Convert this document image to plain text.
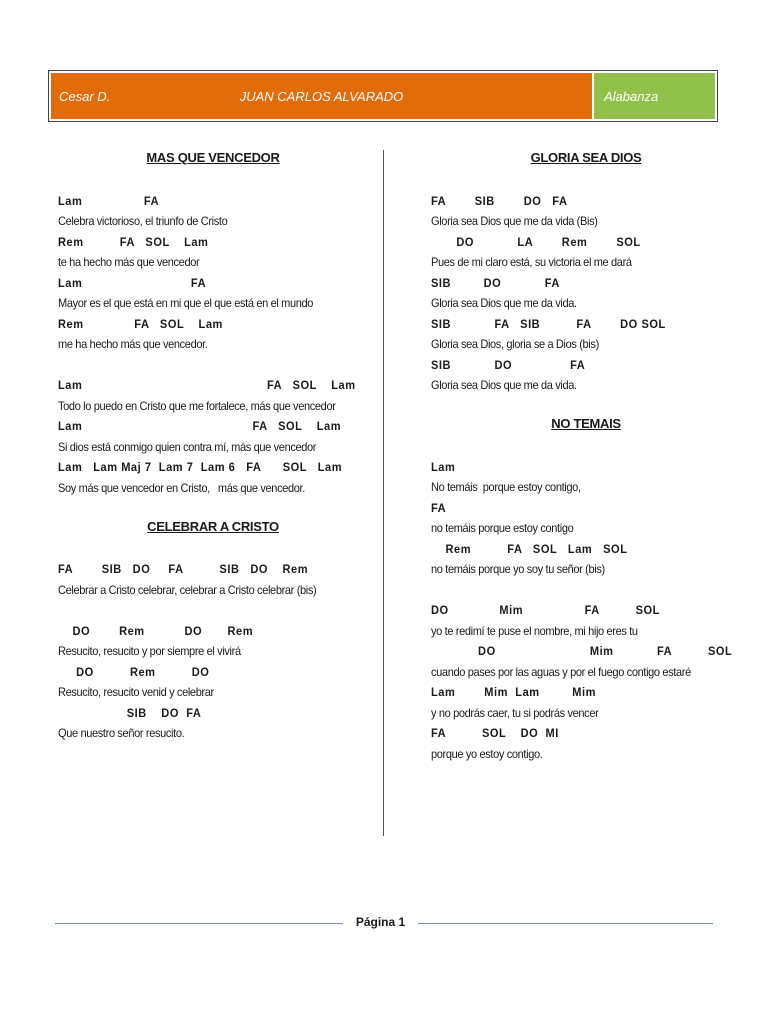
Cesar D.	JUAN CARLOS ALVARADO	Alabanza
MAS QUE VENCEDOR
Lam                 FA
Celebra victorioso, el triunfo de Cristo
Rem          FA   SOL    Lam
te ha hecho más que vencedor
Lam                              FA
Mayor es el que está en mi que el que está en el mundo
Rem              FA   SOL    Lam
me ha hecho más que vencedor.
Lam                                                   FA   SOL    Lam
Todo lo puedo en Cristo que me fortalece, más que vencedor
Lam                                               FA   SOL    Lam
Si dios está conmigo quien contra mí, más que vencedor
Lam   Lam Maj 7  Lam 7  Lam 6   FA      SOL   Lam
Soy más que vencedor en Cristo,   más que vencedor.
CELEBRAR A CRISTO
FA        SIB   DO     FA          SIB   DO    Rem
Celebrar a Cristo celebrar, celebrar a Cristo celebrar (bis)
DO        Rem           DO       Rem
Resucito, resucito y por siempre el vivirá
DO          Rem          DO
Resucito, resucito venid y celebrar
SIB    DO  FA
Que nuestro señor resucito.
GLORIA SEA DIOS
FA        SIB        DO   FA
Gloria sea Dios que me da vida (Bis)
DO            LA        Rem        SOL
Pues de mi claro está, su victoria el me dará
SIB         DO            FA
Gloria sea Dios que me da vida.
SIB            FA   SIB          FA        DO SOL
Gloria sea Dios, gloria se a Dios (bis)
SIB            DO                FA
Gloria sea Dios que me da vida.
NO TEMAIS
Lam
No temáis  porque estoy contigo,
FA
no temáis porque estoy contigo
Rem          FA   SOL   Lam   SOL
no temáis porque yo soy tu señor (bis)
DO              Mim                 FA          SOL
yo te redimí te puse el nombre, mi hijo eres tu
DO                          Mim            FA          SOL
cuando pases por las aguas y por el fuego contigo estaré
Lam        Mim  Lam         Mim
y no podrás caer, tu si podrás vencer
FA          SOL    DO  MI
porque yo estoy contigo.
Página 1
